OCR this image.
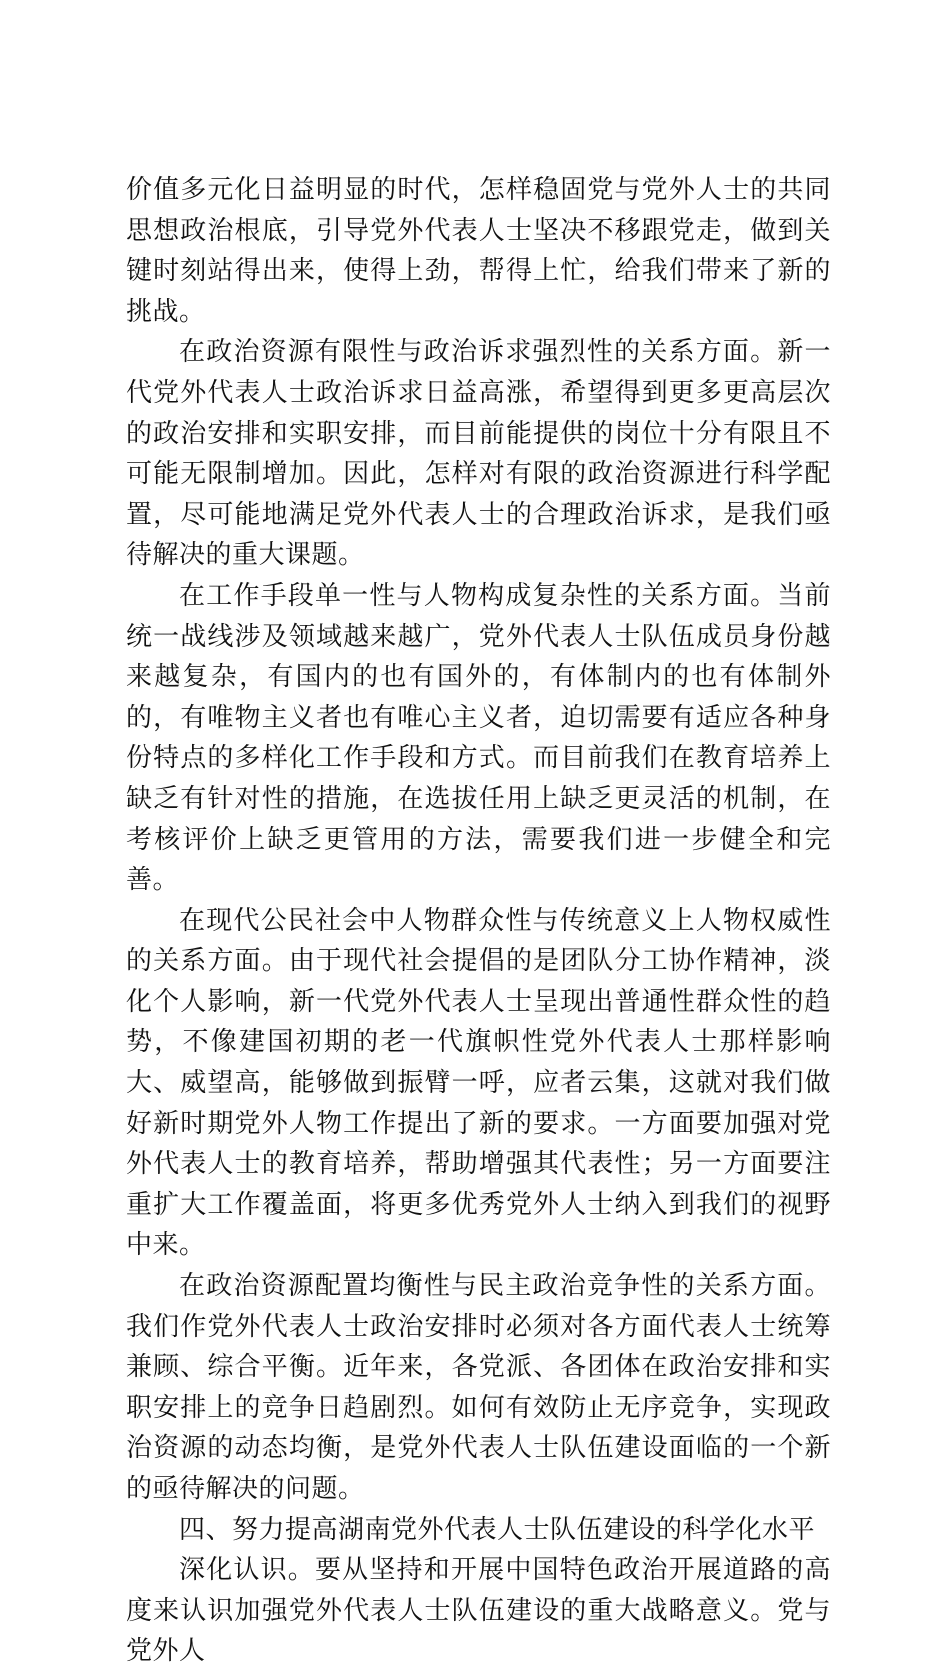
价值多元化日益明显的时代，怎样稳固党与党外人士的共同思想政治根底，引导党外代表人士坚决不移跟党走，做到关键时刻站得出来，使得上劲，帮得上忙，给我们带来了新的挑战。

在政治资源有限性与政治诉求强烈性的关系方面。新一代党外代表人士政治诉求日益高涨，希望得到更多更高层次的政治安排和实职安排，而目前能提供的岗位十分有限且不可能无限制增加。因此，怎样对有限的政治资源进行科学配置，尽可能地满足党外代表人士的合理政治诉求，是我们亟待解决的重大课题。

在工作手段单一性与人物构成复杂性的关系方面。当前统一战线涉及领域越来越广，党外代表人士队伍成员身份越来越复杂，有国内的也有国外的，有体制内的也有体制外的，有唯物主义者也有唯心主义者，迫切需要有适应各种身份特点的多样化工作手段和方式。而目前我们在教育培养上缺乏有针对性的措施，在选拔任用上缺乏更灵活的机制，在考核评价上缺乏更管用的方法，需要我们进一步健全和完善。

在现代公民社会中人物群众性与传统意义上人物权威性的关系方面。由于现代社会提倡的是团队分工协作精神，淡化个人影响，新一代党外代表人士呈现出普通性群众性的趋势，不像建国初期的老一代旗帜性党外代表人士那样影响大、威望高，能够做到振臂一呼，应者云集，这就对我们做好新时期党外人物工作提出了新的要求。一方面要加强对党外代表人士的教育培养，帮助增强其代表性；另一方面要注重扩大工作覆盖面，将更多优秀党外人士纳入到我们的视野中来。

在政治资源配置均衡性与民主政治竞争性的关系方面。我们作党外代表人士政治安排时必须对各方面代表人士统筹兼顾、综合平衡。近年来，各党派、各团体在政治安排和实职安排上的竞争日趋剧烈。如何有效防止无序竞争，实现政治资源的动态均衡，是党外代表人士队伍建设面临的一个新的亟待解决的问题。

四、努力提高湖南党外代表人士队伍建设的科学化水平

深化认识。要从坚持和开展中国特色政治开展道路的高度来认识加强党外代表人士队伍建设的重大战略意义。党与党外人
